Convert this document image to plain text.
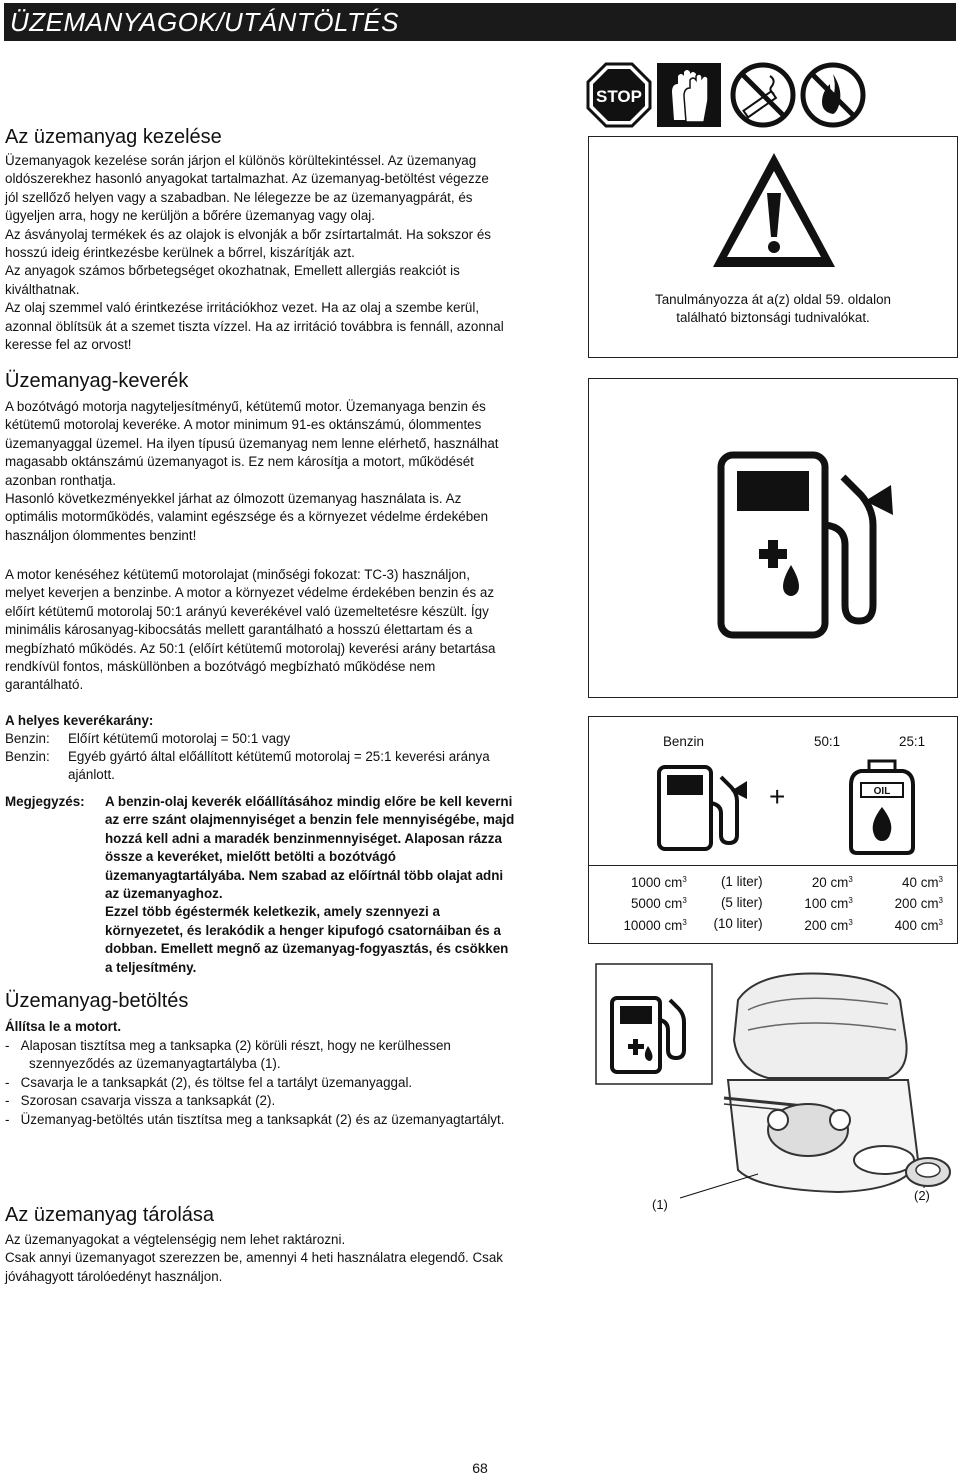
ÜZEMANYAGOK/UTÁNTÖLTÉS
Az üzemanyag kezelése
Üzemanyagok kezelése során járjon el különös körültekintéssel. Az üzemanyag
oldószerekhez hasonló anyagokat tartalmazhat. Az üzemanyag-betöltést végezze
jól szellőző helyen vagy a szabadban. Ne lélegezze be az üzemanyagpárát, és
ügyeljen arra, hogy ne kerüljön a bőrére üzemanyag vagy olaj.
Az ásványolaj termékek és az olajok is elvonják a bőr zsírtartalmát. Ha sokszor és
hosszú ideig érintkezésbe kerülnek a bőrrel, kiszárítják azt.
Az anyagok számos bőrbetegséget okozhatnak, Emellett allergiás reakciót is
kiválthatnak.
Az olaj szemmel való érintkezése irritációkhoz vezet. Ha az olaj a szembe kerül,
azonnal öblítsük át a szemet tiszta vízzel. Ha az irritáció továbbra is fennáll, azonnal
keresse fel az orvost!
STOP
Tanulmányozza át a(z) oldal 59. oldalon
található biztonsági tudnivalókat.
Üzemanyag-keverék
A bozótvágó motorja nagyteljesítményű, kétütemű motor. Üzemanyaga benzin és
kétütemű motorolaj keveréke. A motor minimum 91-es oktánszámú, ólommentes
üzemanyaggal üzemel. Ha ilyen típusú üzemanyag nem lenne elérhető, használhat
magasabb oktánszámú üzemanyagot is. Ez nem károsítja a motort, működését
azonban ronthatja.
Hasonló következményekkel járhat az ólmozott üzemanyag használata is. Az
optimális motorműködés, valamint egészsége és a környezet védelme érdekében
használjon ólommentes benzint!
A motor kenéséhez kétütemű motorolajat (minőségi fokozat: TC-3) használjon,
melyet keverjen a benzinbe. A motor a környezet védelme érdekében benzin és az
előírt kétütemű motorolaj 50:1 arányú keverékével való üzemeltetésre készült. Így
minimális károsanyag-kibocsátás mellett garantálható a hosszú élettartam és a
megbízható működés. Az 50:1 (előírt kétütemű motorolaj) keverési arány betartása
rendkívül fontos, másküllönben a bozótvágó megbízható működése nem
garantálható.
A helyes keverékarány:
Benzin: Előírt kétütemű motorolaj = 50:1 vagy
Benzin: Egyéb gyártó által előállított kétütemű motorolaj = 25:1 keverési aránya
ajánlott.
Megjegyzés: A benzin-olaj keverék előállításához mindig előre be kell keverni
az erre szánt olajmennyiséget a benzin fele mennyiségébe, majd
hozzá kell adni a maradék benzinmennyiséget. Alaposan rázza
össze a keveréket, mielőtt betölti a bozótvágó
üzemanyagtartályába. Nem szabad az előírtnál több olajat adni
az üzemanyaghoz.
Ezzel több égéstermék keletkezik, amely szennyezi a
környezetet, és lerakódik a henger kipufogó csatornáiban és a
dobban. Emellett megnő az üzemanyag-fogyasztás, és csökken
a teljesítmény.
Benzin	50:1	25:1
+	OIL
1000 $cm^3$	(1 liter)	20 $cm^3$	40 $cm^3$
5000 $cm^3$	(5 liter)	100 $cm^3$	200 $cm^3$
10000 $cm^3$	(10 liter)	200 $cm^3$	400 $cm^3$
Üzemanyag-betöltés
Állítsa le a motort.
- Alaposan tisztítsa meg a tanksapka (2) körüli részt, hogy ne kerülhessen
szennyeződés az üzemanyagtartályba (1).
- Csavarja le a tanksapkát (2), és töltse fel a tartályt üzemanyaggal.
- Szorosan csavarja vissza a tanksapkát (2).
- Üzemanyag-betöltés után tisztítsa meg a tanksapkát (2) és az üzemanyagtartályt.
(1)
(2)
Az üzemanyag tárolása
Az üzemanyagokat a végtelenségig nem lehet raktározni.
Csak annyi üzemanyagot szerezzen be, amennyi 4 heti használatra elegendő. Csak
jóváhagyott tárolóedényt használjon.
68
